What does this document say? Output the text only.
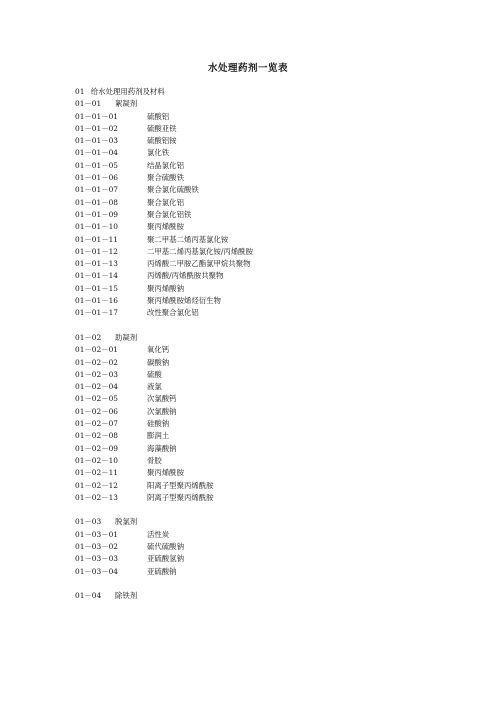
水处理药剂一览表
01 给水处理用药剂及材料
01－01 絮凝剂
01－01－01	硫酸铝
01－01－02	硫酸亚铁
01－01－03	硫酸铝铵
01－01－04	氯化铁
01－01－05	结晶氯化铝
01－01－06	聚合硫酸铁
01－01－07	聚合氯化硫酸铁
01－01－08	聚合氯化铝
01－01－09	聚合氯化铝铁
01－01－10	聚丙烯酰胺
01－01－11	聚二甲基二烯丙基氯化铵
01－01－12	二甲基二烯丙基氯化铵/丙烯酰胺
01－01－13	丙烯酸二甲胺乙酯氯甲烷共聚物
01－01－14	丙烯酸/丙烯酰胺共聚物
01－01－15	聚丙烯酸钠
01－01－16	聚丙烯酰胺烯烃衍生物
01－01－17	改性聚合氯化铝
01－02 助凝剂
01－02－01	氧化钙
01－02－02	碳酸钠
01－02－03	硫酸
01－02－04	液氯
01－02－05	次氯酸钙
01－02－06	次氯酸钠
01－02－07	硅酸钠
01－02－08	膨润土
01－02－09	海藻酸钠
01－02－10	骨胶
01－02－11	聚丙烯酰胺
01－02－12	阳离子型聚丙烯酰胺
01－02－13	阴离子型聚丙烯酰胺
01－03 脱氯剂
01－03－01	活性炭
01－03－02	硫代硫酸钠
01－03－03	亚硫酸氢钠
01－03－04	亚硫酸钠
01－04 除铁剂
